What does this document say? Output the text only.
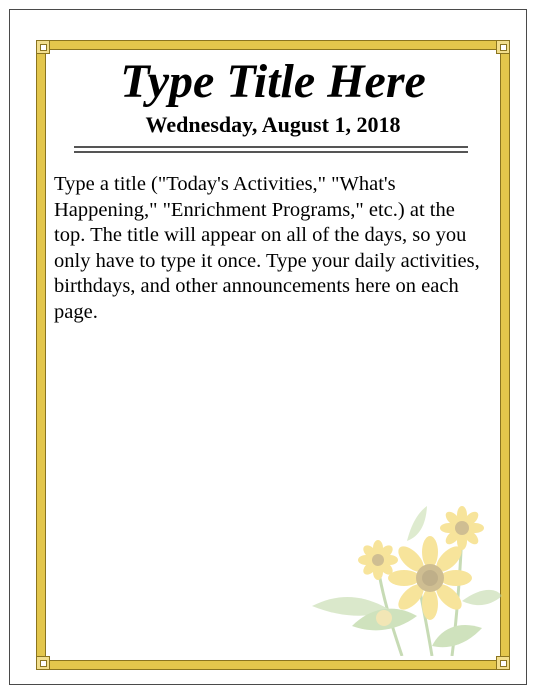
Type Title Here
Wednesday, August 1, 2018
Type a title ("Today's Activities," "What's Happening," "Enrichment Programs," etc.) at the top. The title will appear on all of the days, so you only have to type it once. Type your daily activities, birthdays, and other announcements here on each page.
